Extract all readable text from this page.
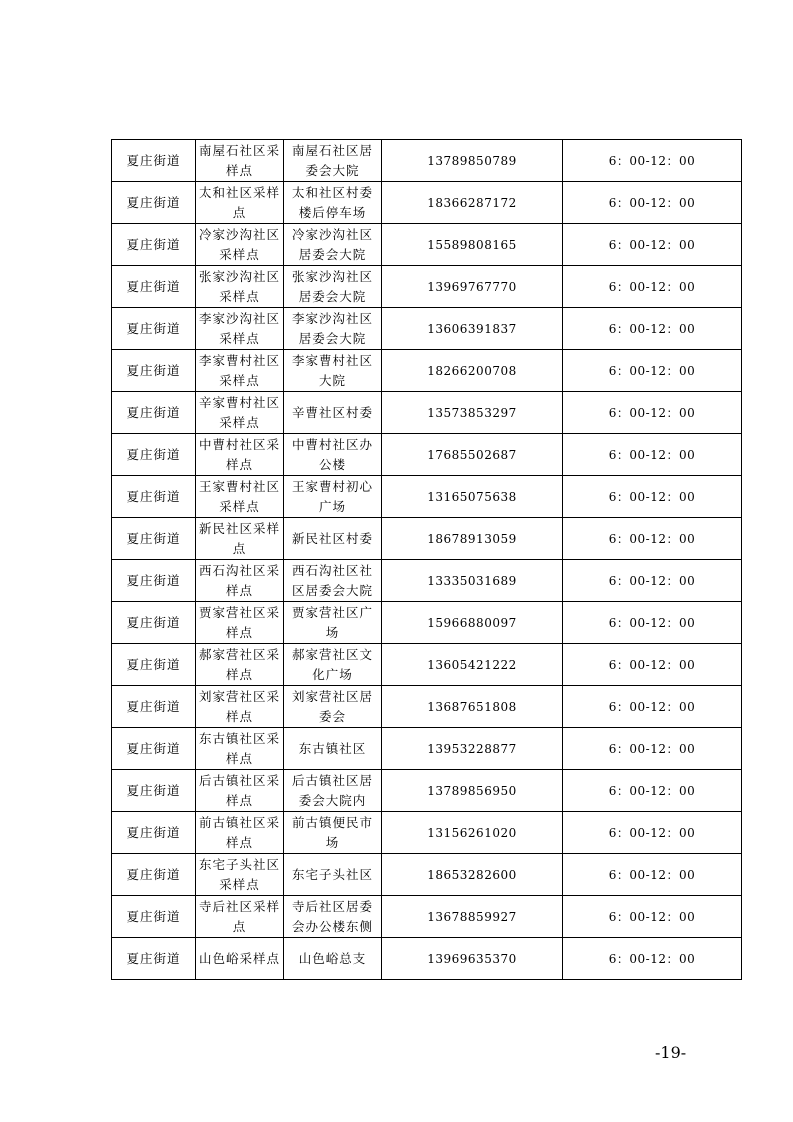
夏庄街道	南屋石社区采样点	南屋石社区居委会大院	13789850789	6：00-12：00
夏庄街道	太和社区采样点	太和社区村委楼后停车场	18366287172	6：00-12：00
夏庄街道	冷家沙沟社区采样点	冷家沙沟社区居委会大院	15589808165	6：00-12：00
夏庄街道	张家沙沟社区采样点	张家沙沟社区居委会大院	13969767770	6：00-12：00
夏庄街道	李家沙沟社区采样点	李家沙沟社区居委会大院	13606391837	6：00-12：00
夏庄街道	李家曹村社区采样点	李家曹村社区大院	18266200708	6：00-12：00
夏庄街道	辛家曹村社区采样点	辛曹社区村委	13573853297	6：00-12：00
夏庄街道	中曹村社区采样点	中曹村社区办公楼	17685502687	6：00-12：00
夏庄街道	王家曹村社区采样点	王家曹村初心广场	13165075638	6：00-12：00
夏庄街道	新民社区采样点	新民社区村委	18678913059	6：00-12：00
夏庄街道	西石沟社区采样点	西石沟社区社区居委会大院	13335031689	6：00-12：00
夏庄街道	贾家营社区采样点	贾家营社区广场	15966880097	6：00-12：00
夏庄街道	郝家营社区采样点	郝家营社区文化广场	13605421222	6：00-12：00
夏庄街道	刘家营社区采样点	刘家营社区居委会	13687651808	6：00-12：00
夏庄街道	东古镇社区采样点	东古镇社区	13953228877	6：00-12：00
夏庄街道	后古镇社区采样点	后古镇社区居委会大院内	13789856950	6：00-12：00
夏庄街道	前古镇社区采样点	前古镇便民市场	13156261020	6：00-12：00
夏庄街道	东宅子头社区采样点	东宅子头社区	18653282600	6：00-12：00
夏庄街道	寺后社区采样点	寺后社区居委会办公楼东侧	13678859927	6：00-12：00
夏庄街道	山色峪采样点	山色峪总支	13969635370	6：00-12：00
-19-
